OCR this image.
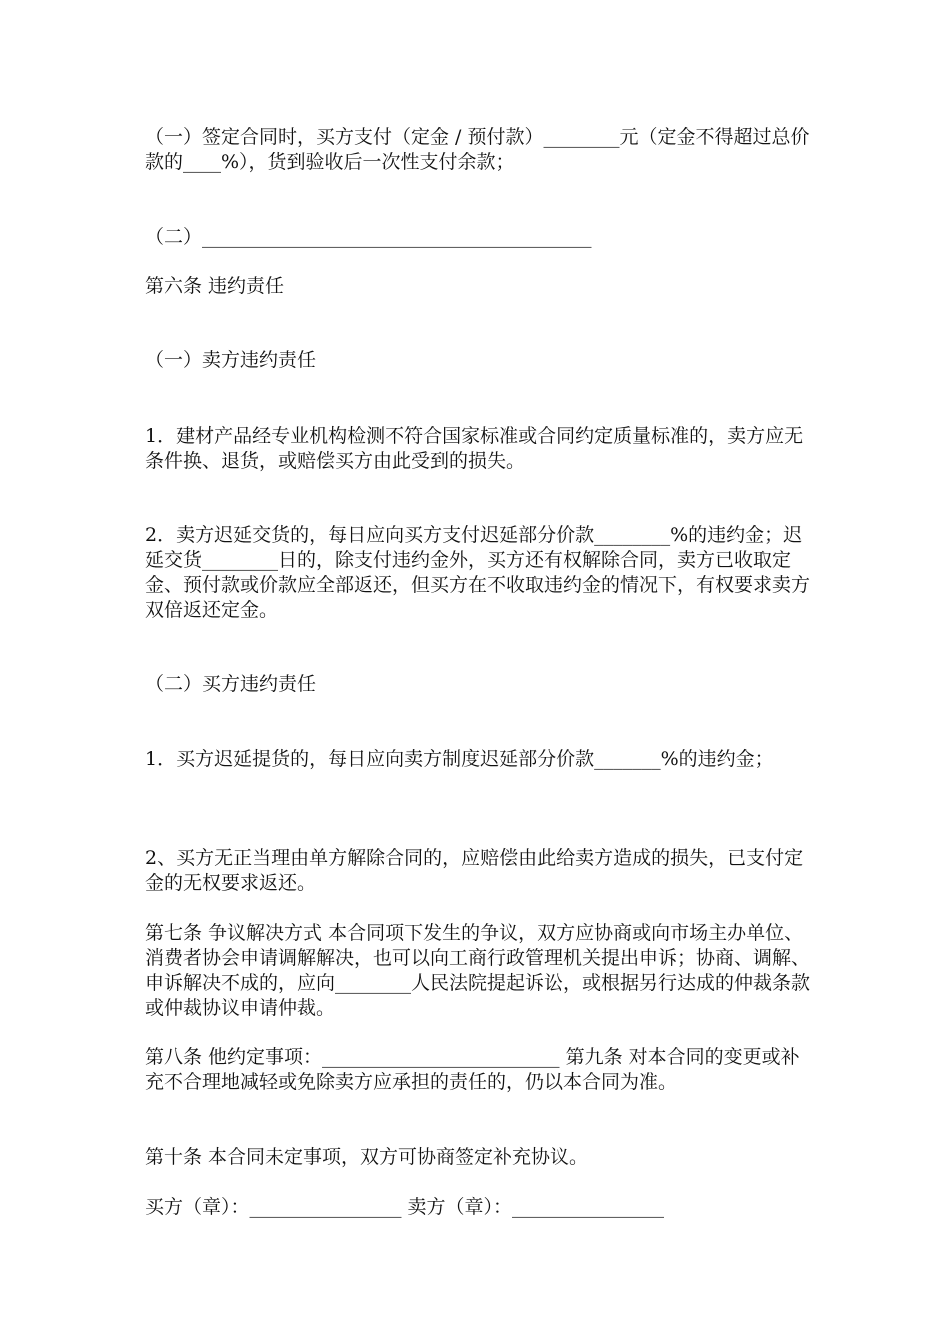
（一）签定合同时，买方支付（定金 / 预付款）________元（定金不得超过总价款的____%），货到验收后一次性支付余款；

（二）_________________________________________

第六条 违约责任

（一）卖方违约责任

1．建材产品经专业机构检测不符合国家标准或合同约定质量标准的，卖方应无条件换、退货，或赔偿买方由此受到的损失。

2．卖方迟延交货的，每日应向买方支付迟延部分价款________%的违约金；迟延交货________日的，除支付违约金外，买方还有权解除合同，卖方已收取定金、预付款或价款应全部返还，但买方在不收取违约金的情况下，有权要求卖方双倍返还定金。

（二）买方违约责任

1．买方迟延提货的，每日应向卖方制度迟延部分价款_______%的违约金；

2、买方无正当理由单方解除合同的，应赔偿由此给卖方造成的损失，已支付定金的无权要求返还。

第七条 争议解决方式 本合同项下发生的争议，双方应协商或向市场主办单位、消费者协会申请调解解决，也可以向工商行政管理机关提出申诉；协商、调解、申诉解决不成的，应向________人民法院提起诉讼，或根据另行达成的仲裁条款或仲裁协议申请仲裁。

第八条 他约定事项：_________________________ 第九条 对本合同的变更或补充不合理地减轻或免除卖方应承担的责任的，仍以本合同为准。

第十条 本合同未定事项，双方可协商签定补充协议。

买方（章）：________________ 卖方（章）：________________
